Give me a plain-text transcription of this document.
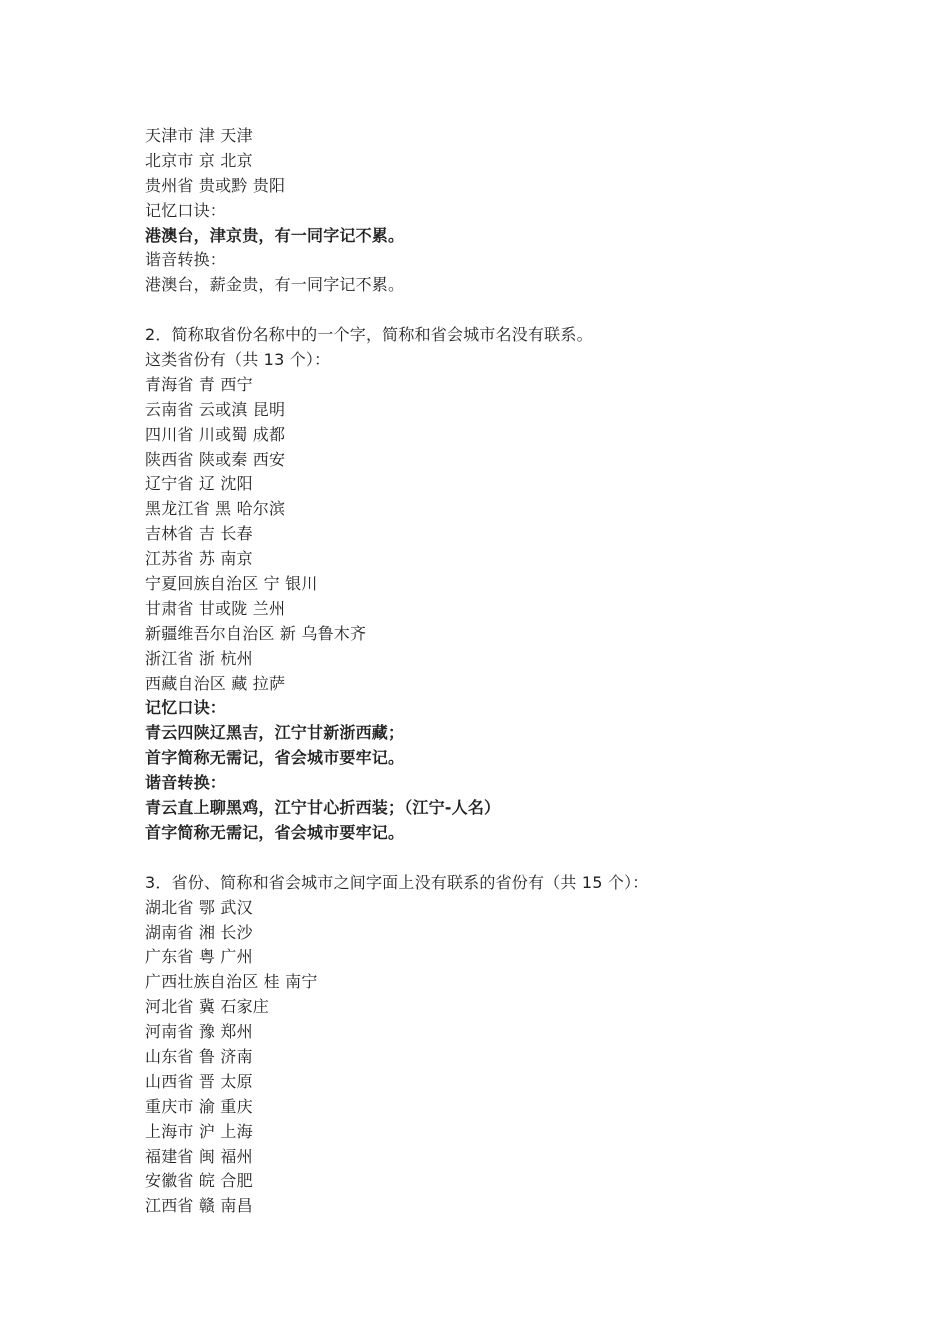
天津市 津 天津
北京市 京 北京
贵州省 贵或黔 贵阳
记忆口诀：
港澳台，津京贵，有一同字记不累。
谐音转换：
港澳台，薪金贵，有一同字记不累。
2．简称取省份名称中的一个字，简称和省会城市名没有联系。
这类省份有（共 13 个）：
青海省 青 西宁
云南省 云或滇 昆明
四川省 川或蜀 成都
陕西省 陕或秦 西安
辽宁省 辽 沈阳
黑龙江省 黑 哈尔滨
吉林省 吉 长春
江苏省 苏 南京
宁夏回族自治区 宁 银川
甘肃省 甘或陇 兰州
新疆维吾尔自治区 新 乌鲁木齐
浙江省 浙 杭州
西藏自治区 藏 拉萨
记忆口诀：
青云四陕辽黑吉，江宁甘新浙西藏；
首字简称无需记，省会城市要牢记。
谐音转换：
青云直上聊黑鸡，江宁甘心折西装；（江宁-人名）
首字简称无需记，省会城市要牢记。
3．省份、简称和省会城市之间字面上没有联系的省份有（共 15 个）：
湖北省 鄂 武汉
湖南省 湘 长沙
广东省 粤 广州
广西壮族自治区 桂 南宁
河北省 冀 石家庄
河南省 豫 郑州
山东省 鲁 济南
山西省 晋 太原
重庆市 渝 重庆
上海市 沪 上海
福建省 闽 福州
安徽省 皖 合肥
江西省 赣 南昌
